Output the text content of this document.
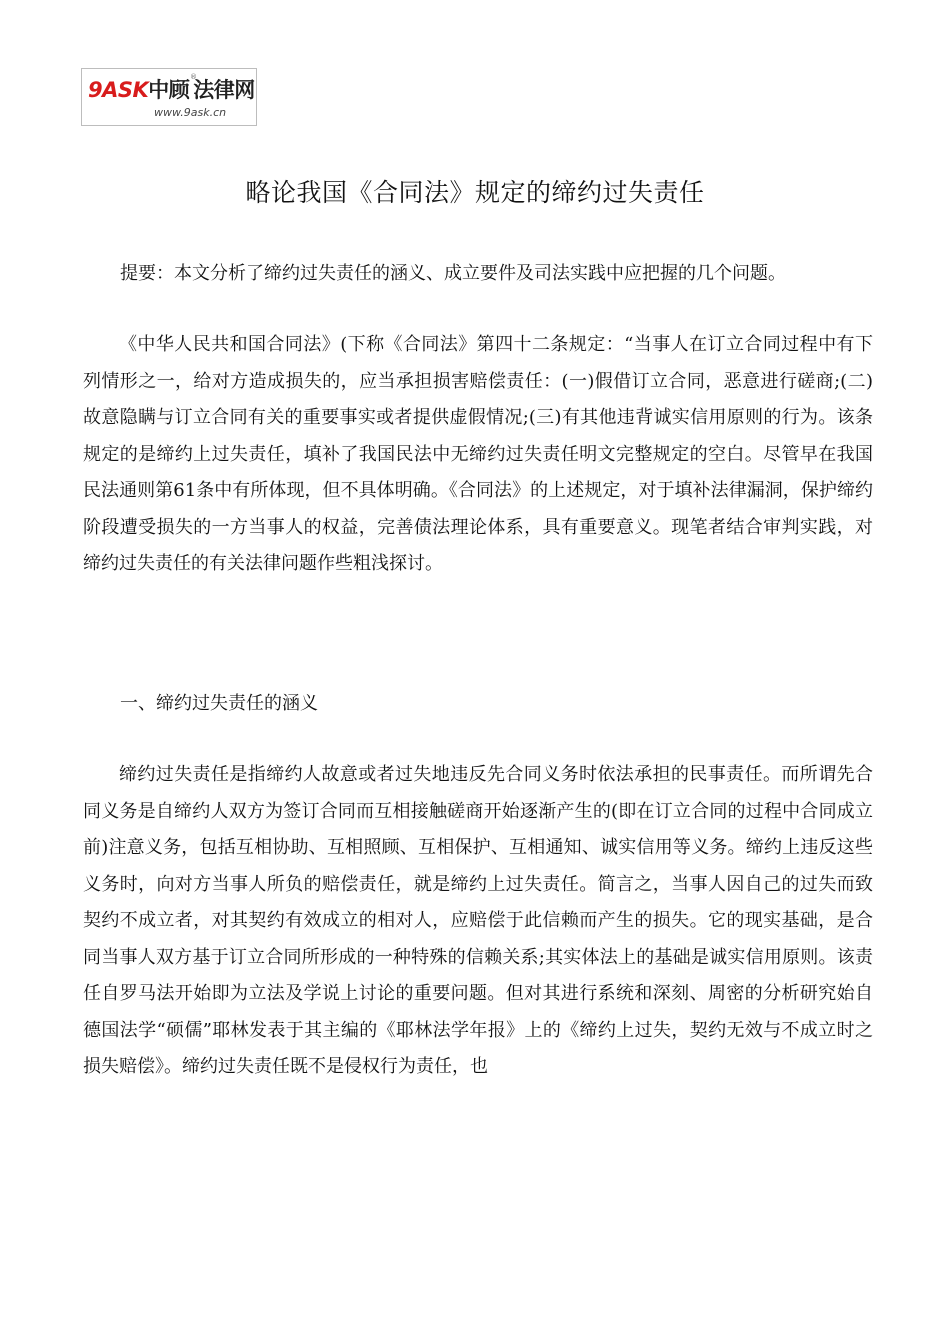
9ASK中顾 法律网
®
www.9ask.cn
略论我国《合同法》规定的缔约过失责任

提要：本文分析了缔约过失责任的涵义、成立要件及司法实践中应把握的几个问题。

《中华人民共和国合同法》(下称《合同法》第四十二条规定：“当事人在订立合同过程中有下列情形之一，给对方造成损失的，应当承担损害赔偿责任：(一)假借订立合同，恶意进行磋商;(二)故意隐瞒与订立合同有关的重要事实或者提供虚假情况;(三)有其他违背诚实信用原则的行为。该条规定的是缔约上过失责任，填补了我国民法中无缔约过失责任明文完整规定的空白。尽管早在我国民法通则第61条中有所体现，但不具体明确。《合同法》的上述规定，对于填补法律漏洞，保护缔约阶段遭受损失的一方当事人的权益，完善债法理论体系，具有重要意义。现笔者结合审判实践，对缔约过失责任的有关法律问题作些粗浅探讨。

一、缔约过失责任的涵义

缔约过失责任是指缔约人故意或者过失地违反先合同义务时依法承担的民事责任。而所谓先合同义务是自缔约人双方为签订合同而互相接触磋商开始逐渐产生的(即在订立合同的过程中合同成立前)注意义务，包括互相协助、互相照顾、互相保护、互相通知、诚实信用等义务。缔约上违反这些义务时，向对方当事人所负的赔偿责任，就是缔约上过失责任。简言之，当事人因自己的过失而致契约不成立者，对其契约有效成立的相对人，应赔偿于此信赖而产生的损失。它的现实基础，是合同当事人双方基于订立合同所形成的一种特殊的信赖关系;其实体法上的基础是诚实信用原则。该责任自罗马法开始即为立法及学说上讨论的重要问题。但对其进行系统和深刻、周密的分析研究始自德国法学“硕儒”耶林发表于其主编的《耶林法学年报》上的《缔约上过失，契约无效与不成立时之损失赔偿》。缔约过失责任既不是侵权行为责任，也
